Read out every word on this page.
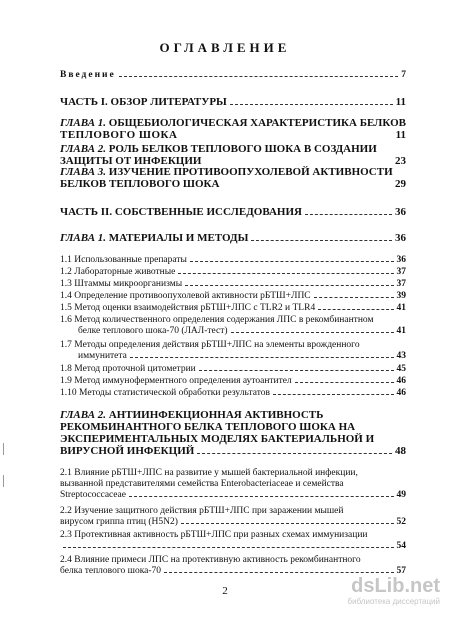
ОГЛАВЛЕНИЕ
Введение	7
ЧАСТЬ I. ОБЗОР ЛИТЕРАТУРЫ	11
ГЛАВА 1.
ОБЩЕБИОЛОГИЧЕСКАЯ ХАРАКТЕРИСТИКА БЕЛКОВ
ТЕПЛОВОГО ШОКА	11
ГЛАВА 2.
РОЛЬ БЕЛКОВ ТЕПЛОВОГО ШОКА В СОЗДАНИИ
ЗАЩИТЫ ОТ ИНФЕКЦИИ	23
ГЛАВА 3.
ИЗУЧЕНИЕ ПРОТИВООПУХОЛЕВОЙ АКТИВНОСТИ
БЕЛКОВ ТЕПЛОВОГО ШОКА	29
ЧАСТЬ II. СОБСТВЕННЫЕ ИССЛЕДОВАНИЯ	36
ГЛАВА 1. МАТЕРИАЛЫ И МЕТОДЫ	36
1.1 Использованные препараты	36
1.2 Лабораторные животные	37
1.3 Штаммы микроорганизмы	37
1.4 Определение противоопухолевой активности рБТШ+ЛПС	39
1.5 Метод оценки взаимодействия рБТШ+ЛПС с TLR2 и TLR4	41
1.6 Метод количественного определения содержания ЛПС в рекомбинантном
белке теплового шока-70 (ЛАЛ-тест)	41
1.7 Методы определения действия рБТШ+ЛПС на элементы врожденного
иммунитета	43
1.8 Метод проточной цитометрии	45
1.9 Метод иммуноферментного определения аутоантител	46
1.10 Методы статистической обработки результатов	46
ГЛАВА 2.
АНТИИНФЕКЦИОННАЯ АКТИВНОСТЬ
РЕКОМБИНАНТНОГО БЕЛКА ТЕПЛОВОГО ШОКА НА
ЭКСПЕРИМЕНТАЛЬНЫХ МОДЕЛЯХ БАКТЕРИАЛЬНОЙ И
ВИРУСНОЙ ИНФЕКЦИЙ	48
2.1 Влияние рБТШ+ЛПС на развитие у мышей бактериальной инфекции,
вызванной представителями семейства Enterobacteriaceae и семейства
Streptococcaceae	49
2.2 Изучение защитного действия рБТШ+ЛПС при заражении мышей
вирусом гриппа птиц (H5N2)	52
2.3 Протективная активность рБТШ+ЛПС при разных схемах иммунизации
54
2.4 Влияние примеси ЛПС на протективную активность рекомбинантного
белка теплового шока-70	57
2	dsLib.net
библиотека диссертаций
